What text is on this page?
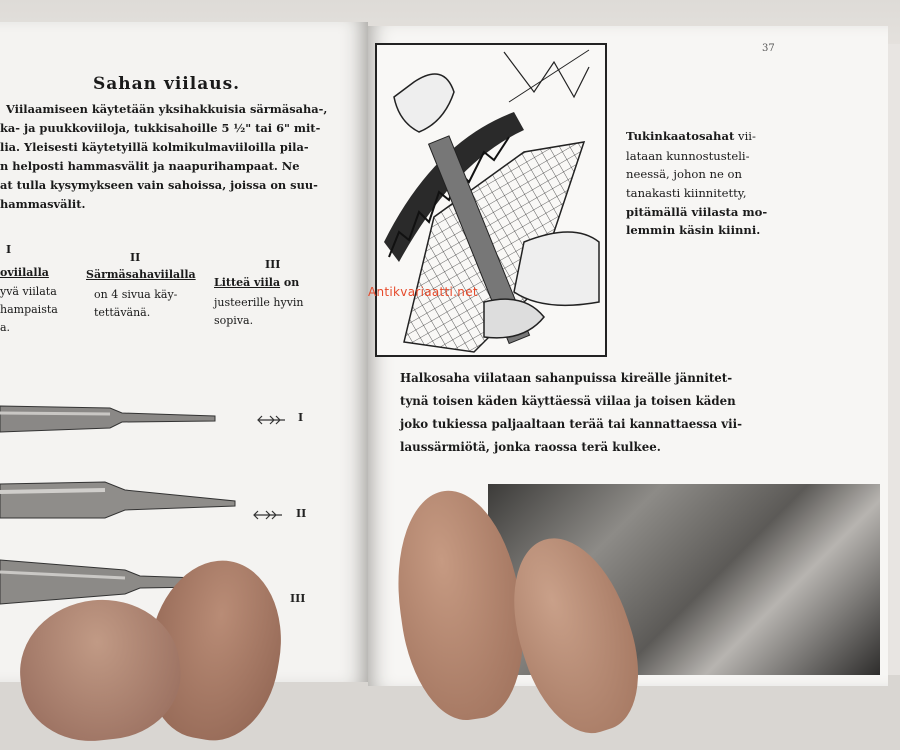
Sahan viilaus.
Viilaamiseen käytetään yksihakkuisia särmäsaha-,
ka- ja puukkoviiloja, tukkisahoille 5 ½" tai 6" mit-
lia. Yleisesti käytetyillä kolmikulmaviiloilla pila-
n helposti hammasvälit ja naapurihampaat. Ne
at tulla kysymykseen vain sahoissa, joissa on suu-
hammasvälit.
I
oviilalla
yvä viilata
hampaista
a.
II
Särmäsahaviilalla
on 4 sivua käy-
tettävänä.
III
Litteä viila on
justeerille hyvin
sopiva.
I
II
III
37
Tukinkaatosahat vii-
lataan kunnostusteli-
neessä, johon ne on
tanakasti kiinnitetty,
pitämällä viilasta mo-
lemmin käsin kiinni.
Antikvariaatti.net
Halkosaha viilataan sahanpuissa kireälle jännitet-
tynä toisen käden käyttäessä viilaa ja toisen käden
joko tukiessa paljaaltaan terää tai kannattaessa vii-
laussärmiötä, jonka raossa terä kulkee.
